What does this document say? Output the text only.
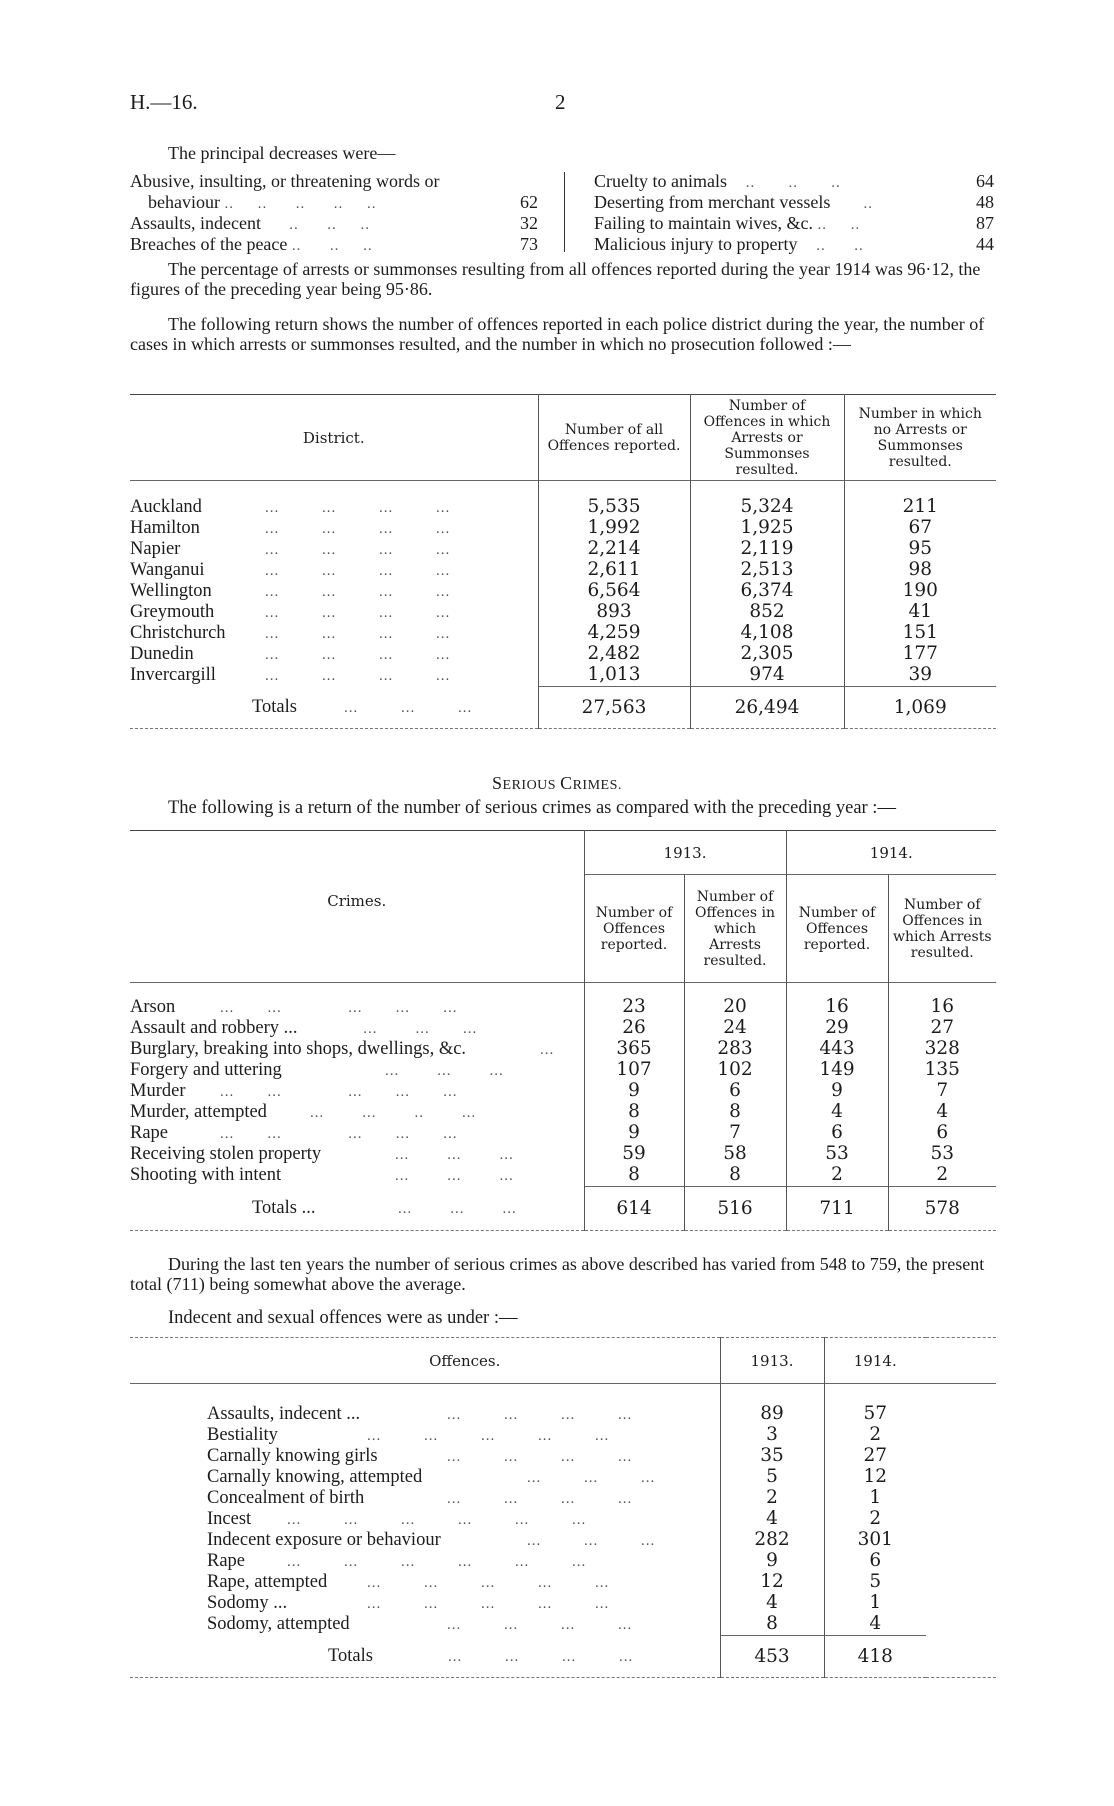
H.—16.	2
The principal decreases were—
Abusive, insulting, or threatening words or
behaviour ..     ..      ..      ..     ..	62
Assaults, indecent      ..      ..     ..	32
Breaches of the peace ..      ..     ..	73
Cruelty to animals    ..       ..       ..	64
Deserting from merchant vessels       ..	48
Failing to maintain wives, &c. ..     ..	87
Malicious injury to property    ..      ..	44
The percentage of arrests or summonses resulting from all offences reported during the year 1914 was 96·12, the figures of the preceding year being 95·86.
The following return shows the number of offences reported in each police district during the year, the number of cases in which arrests or summonses resulted, and the number in which no prosecution followed :—
District.	Number of all Offences reported.	Number of Offences in which Arrests or Summonses resulted.	Number in which no Arrests or Summonses resulted.

Auckland ...         ...         ...         ...	5,535	5,324	211
Hamilton ...         ...         ...         ...	1,992	1,925	67
Napier ...         ...         ...         ...	2,214	2,119	95
Wanganui ...         ...         ...         ...	2,611	2,513	98
Wellington ...         ...         ...         ...	6,564	6,374	190
Greymouth ...         ...         ...         ...	893	852	41
Christchurch ...         ...         ...         ...	4,259	4,108	151
Dunedin ...         ...         ...         ...	2,482	2,305	177
Invercargill ...         ...         ...         ...	1,013	974	39
Totals ...         ...         ...	27,563	26,494	1,069
SERIOUS CRIMES.
The following is a return of the number of serious crimes as compared with the preceding year :—
Crimes.	1913.		1914.	
	Number of Offences reported.	Number of Offences in which Arrests resulted.	Number of Offences reported.	Number of Offences in which Arrests resulted.

Arson ...       ...              ...       ...       ...	23	20	16	16
Assault and robbery ...       ...        ...       ...	26	24	29	27
Burglary, breaking into shops, dwellings, &c. ...	365	283	443	328
Forgery and uttering ...        ...        ...	107	102	149	135
Murder ...       ...              ...       ...       ...	9	6	9	7
Murder, attempted ...        ...        ..        ...	8	8	4	4
Rape ...       ...              ...       ...       ...	9	7	6	6
Receiving stolen property ...        ...        ...	59	58	53	53
Shooting with intent ...        ...        ...	8	8	2	2
Totals ... ...        ...        ...	614	516	711	578
During the last ten years the number of serious crimes as above described has varied from 548 to 759, the present total (711) being somewhat above the average.
Indecent and sexual offences were as under :—
Offences.	1913.	1914.	

Assaults, indecent ... ...         ...         ...         ...	89	57	
Bestiality ...         ...         ...         ...         ...	3	2	
Carnally knowing girls ...         ...         ...         ...	35	27	
Carnally knowing, attempted ...         ...         ...	5	12	
Concealment of birth ...         ...         ...         ...	2	1	
Incest ...         ...         ...         ...         ...         ...	4	2	
Indecent exposure or behaviour ...         ...         ...	282	301	
Rape ...         ...         ...         ...         ...         ...	9	6	
Rape, attempted ...         ...         ...         ...         ...	12	5	
Sodomy ... ...         ...         ...         ...         ...	4	1	
Sodomy, attempted ...         ...         ...         ...	8	4	
Totals ...         ...         ...         ...	453	418	
